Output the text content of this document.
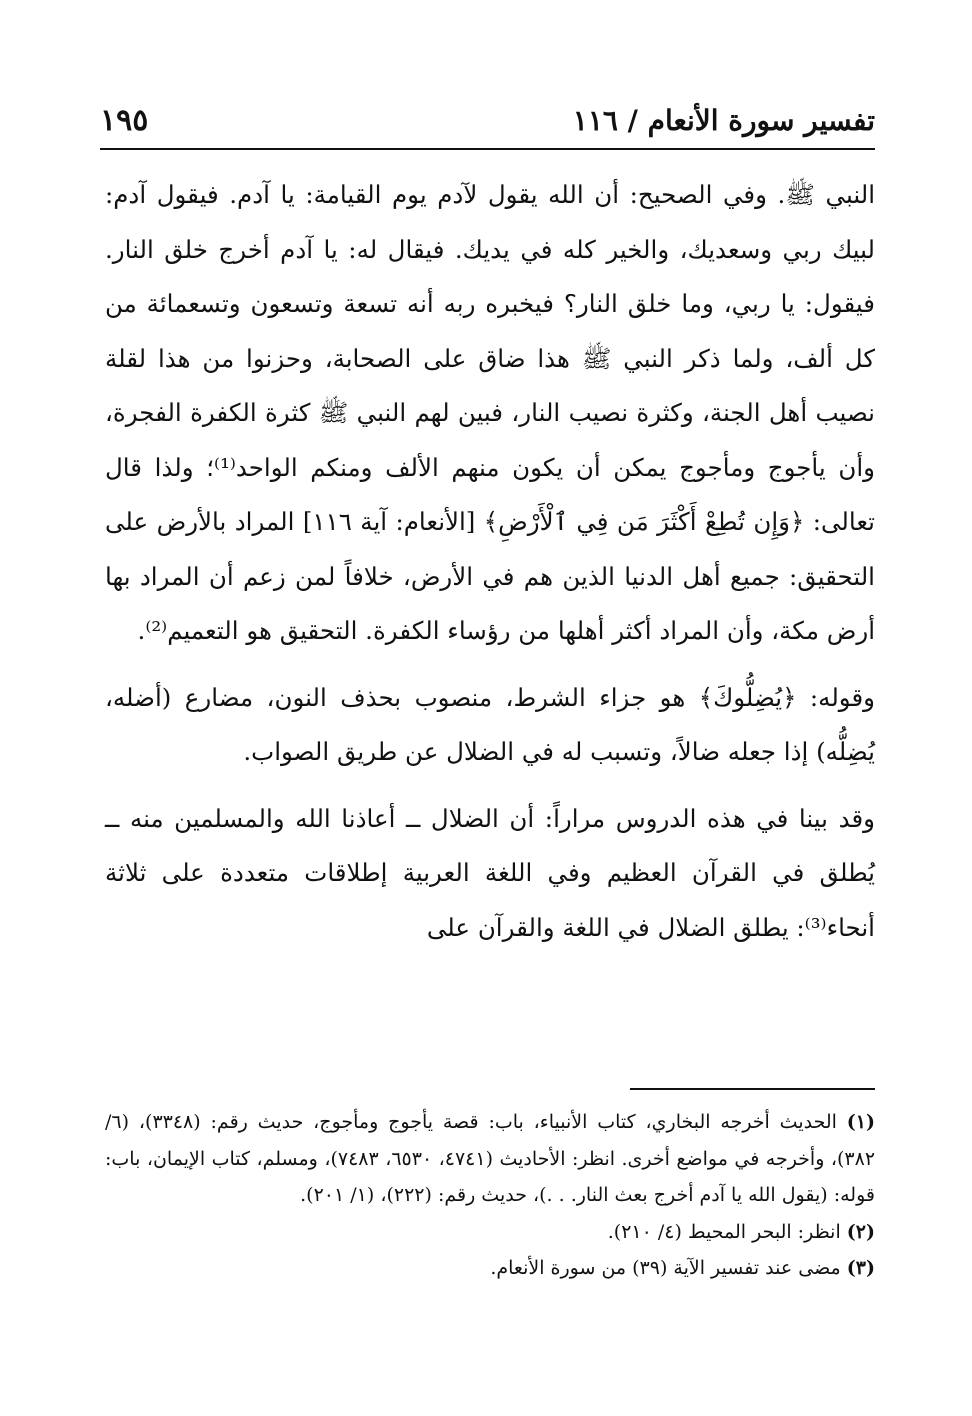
تفسير سورة الأنعام / ١١٦
١٩٥

النبي ﷺ. وفي الصحيح: أن الله يقول لآدم يوم القيامة: يا آدم. فيقول آدم: لبيك ربي وسعديك، والخير كله في يديك. فيقال له: يا آدم أخرج خلق النار. فيقول: يا ربي، وما خلق النار؟ فيخبره ربه أنه تسعة وتسعون وتسعمائة من كل ألف، ولما ذكر النبي ﷺ هذا ضاق على الصحابة، وحزنوا من هذا لقلة نصيب أهل الجنة، وكثرة نصيب النار، فبين لهم النبي ﷺ كثرة الكفرة الفجرة، وأن يأجوج ومأجوج يمكن أن يكون منهم الألف ومنكم الواحد⁽¹⁾؛ ولذا قال تعالى: ﴿وَإِن تُطِعْ أَكْثَرَ مَن فِي ٱلْأَرْضِ﴾ [الأنعام: آية ١١٦] المراد بالأرض على التحقيق: جميع أهل الدنيا الذين هم في الأرض، خلافاً لمن زعم أن المراد بها أرض مكة، وأن المراد أكثر أهلها من رؤساء الكفرة. التحقيق هو التعميم⁽²⁾.

وقوله: ﴿يُضِلُّوكَ﴾ هو جزاء الشرط، منصوب بحذف النون، مضارع (أضله، يُضِلُّه) إذا جعله ضالاً، وتسبب له في الضلال عن طريق الصواب.

وقد بينا في هذه الدروس مراراً: أن الضلال ــ أعاذنا الله والمسلمين منه ــ يُطلق في القرآن العظيم وفي اللغة العربية إطلاقات متعددة على ثلاثة أنحاء⁽³⁾: يطلق الضلال في اللغة والقرآن على

(١) الحديث أخرجه البخاري، كتاب الأنبياء، باب: قصة يأجوج ومأجوج، حديث رقم: (٣٣٤٨)، (٦/ ٣٨٢)، وأخرجه في مواضع أخرى. انظر: الأحاديث (٤٧٤١، ٦٥٣٠، ٧٤٨٣)، ومسلم، كتاب الإيمان، باب: قوله: (يقول الله يا آدم أخرج بعث النار. . .)، حديث رقم: (٢٢٢)، (١/ ٢٠١).

(٢) انظر: البحر المحيط (٤/ ٢١٠).

(٣) مضى عند تفسير الآية (٣٩) من سورة الأنعام.
